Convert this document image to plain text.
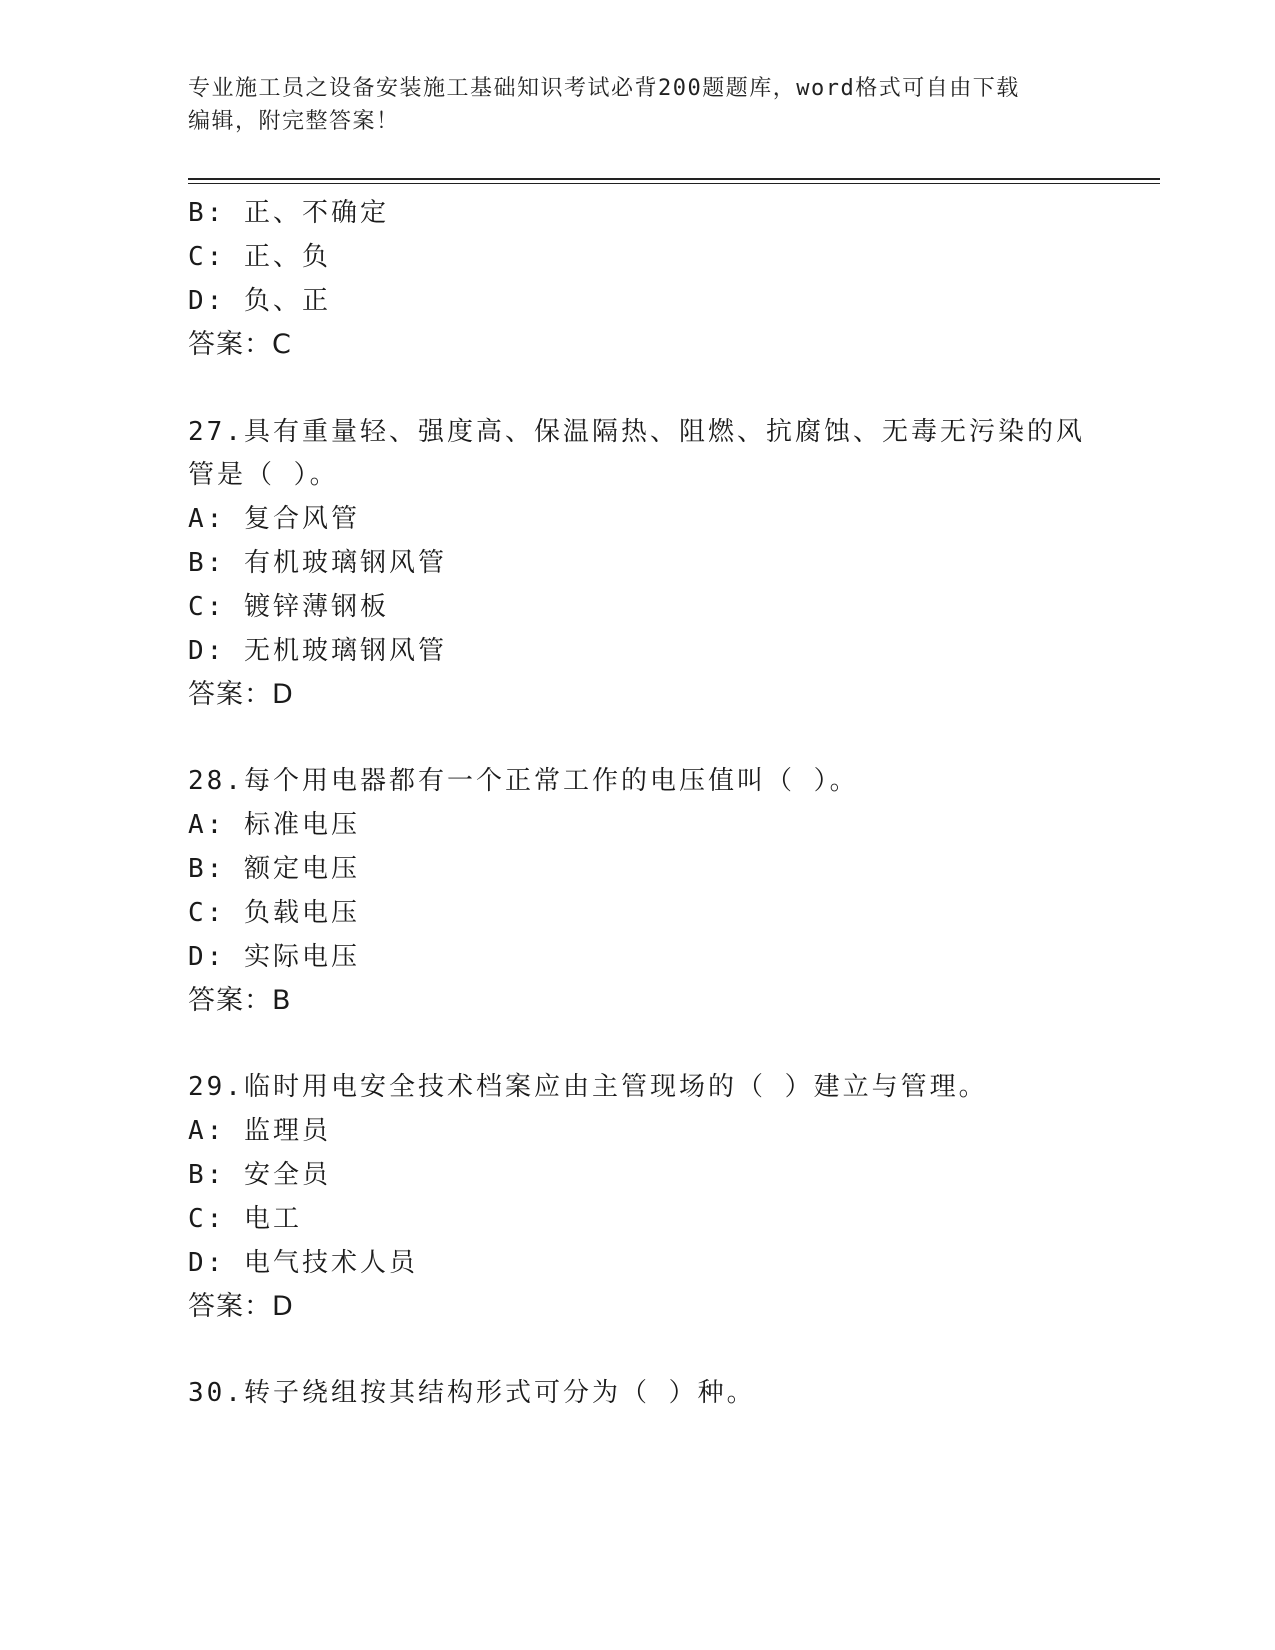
专业施工员之设备安装施工基础知识考试必背200题题库，word格式可自由下载
编辑，附完整答案！
B: 正、不确定
C: 正、负
D: 负、正
答案：C
27.具有重量轻、强度高、保温隔热、阻燃、抗腐蚀、无毒无污染的风
管是（ ）。
A: 复合风管
B: 有机玻璃钢风管
C: 镀锌薄钢板
D: 无机玻璃钢风管
答案：D
28.每个用电器都有一个正常工作的电压值叫（ ）。
A: 标准电压
B: 额定电压
C: 负载电压
D: 实际电压
答案：B
29.临时用电安全技术档案应由主管现场的（ ）建立与管理。
A: 监理员
B: 安全员
C: 电工
D: 电气技术人员
答案：D
30.转子绕组按其结构形式可分为（ ）种。
